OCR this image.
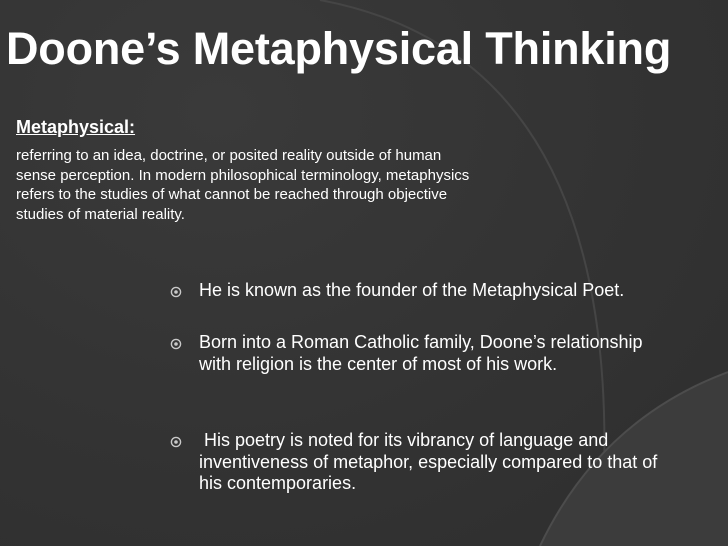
Doone’s Metaphysical Thinking
Metaphysical:

referring to an idea, doctrine, or posited reality outside of human sense perception. In modern philosophical terminology, metaphysics refers to the studies of what cannot be reached through objective studies of material reality.

He is known as the founder of the Metaphysical Poet.
Born into a Roman Catholic family, Doone’s relationship with religion is the center of most of his work.
His poetry is noted for its vibrancy of language and inventiveness of metaphor, especially compared to that of his contemporaries.
